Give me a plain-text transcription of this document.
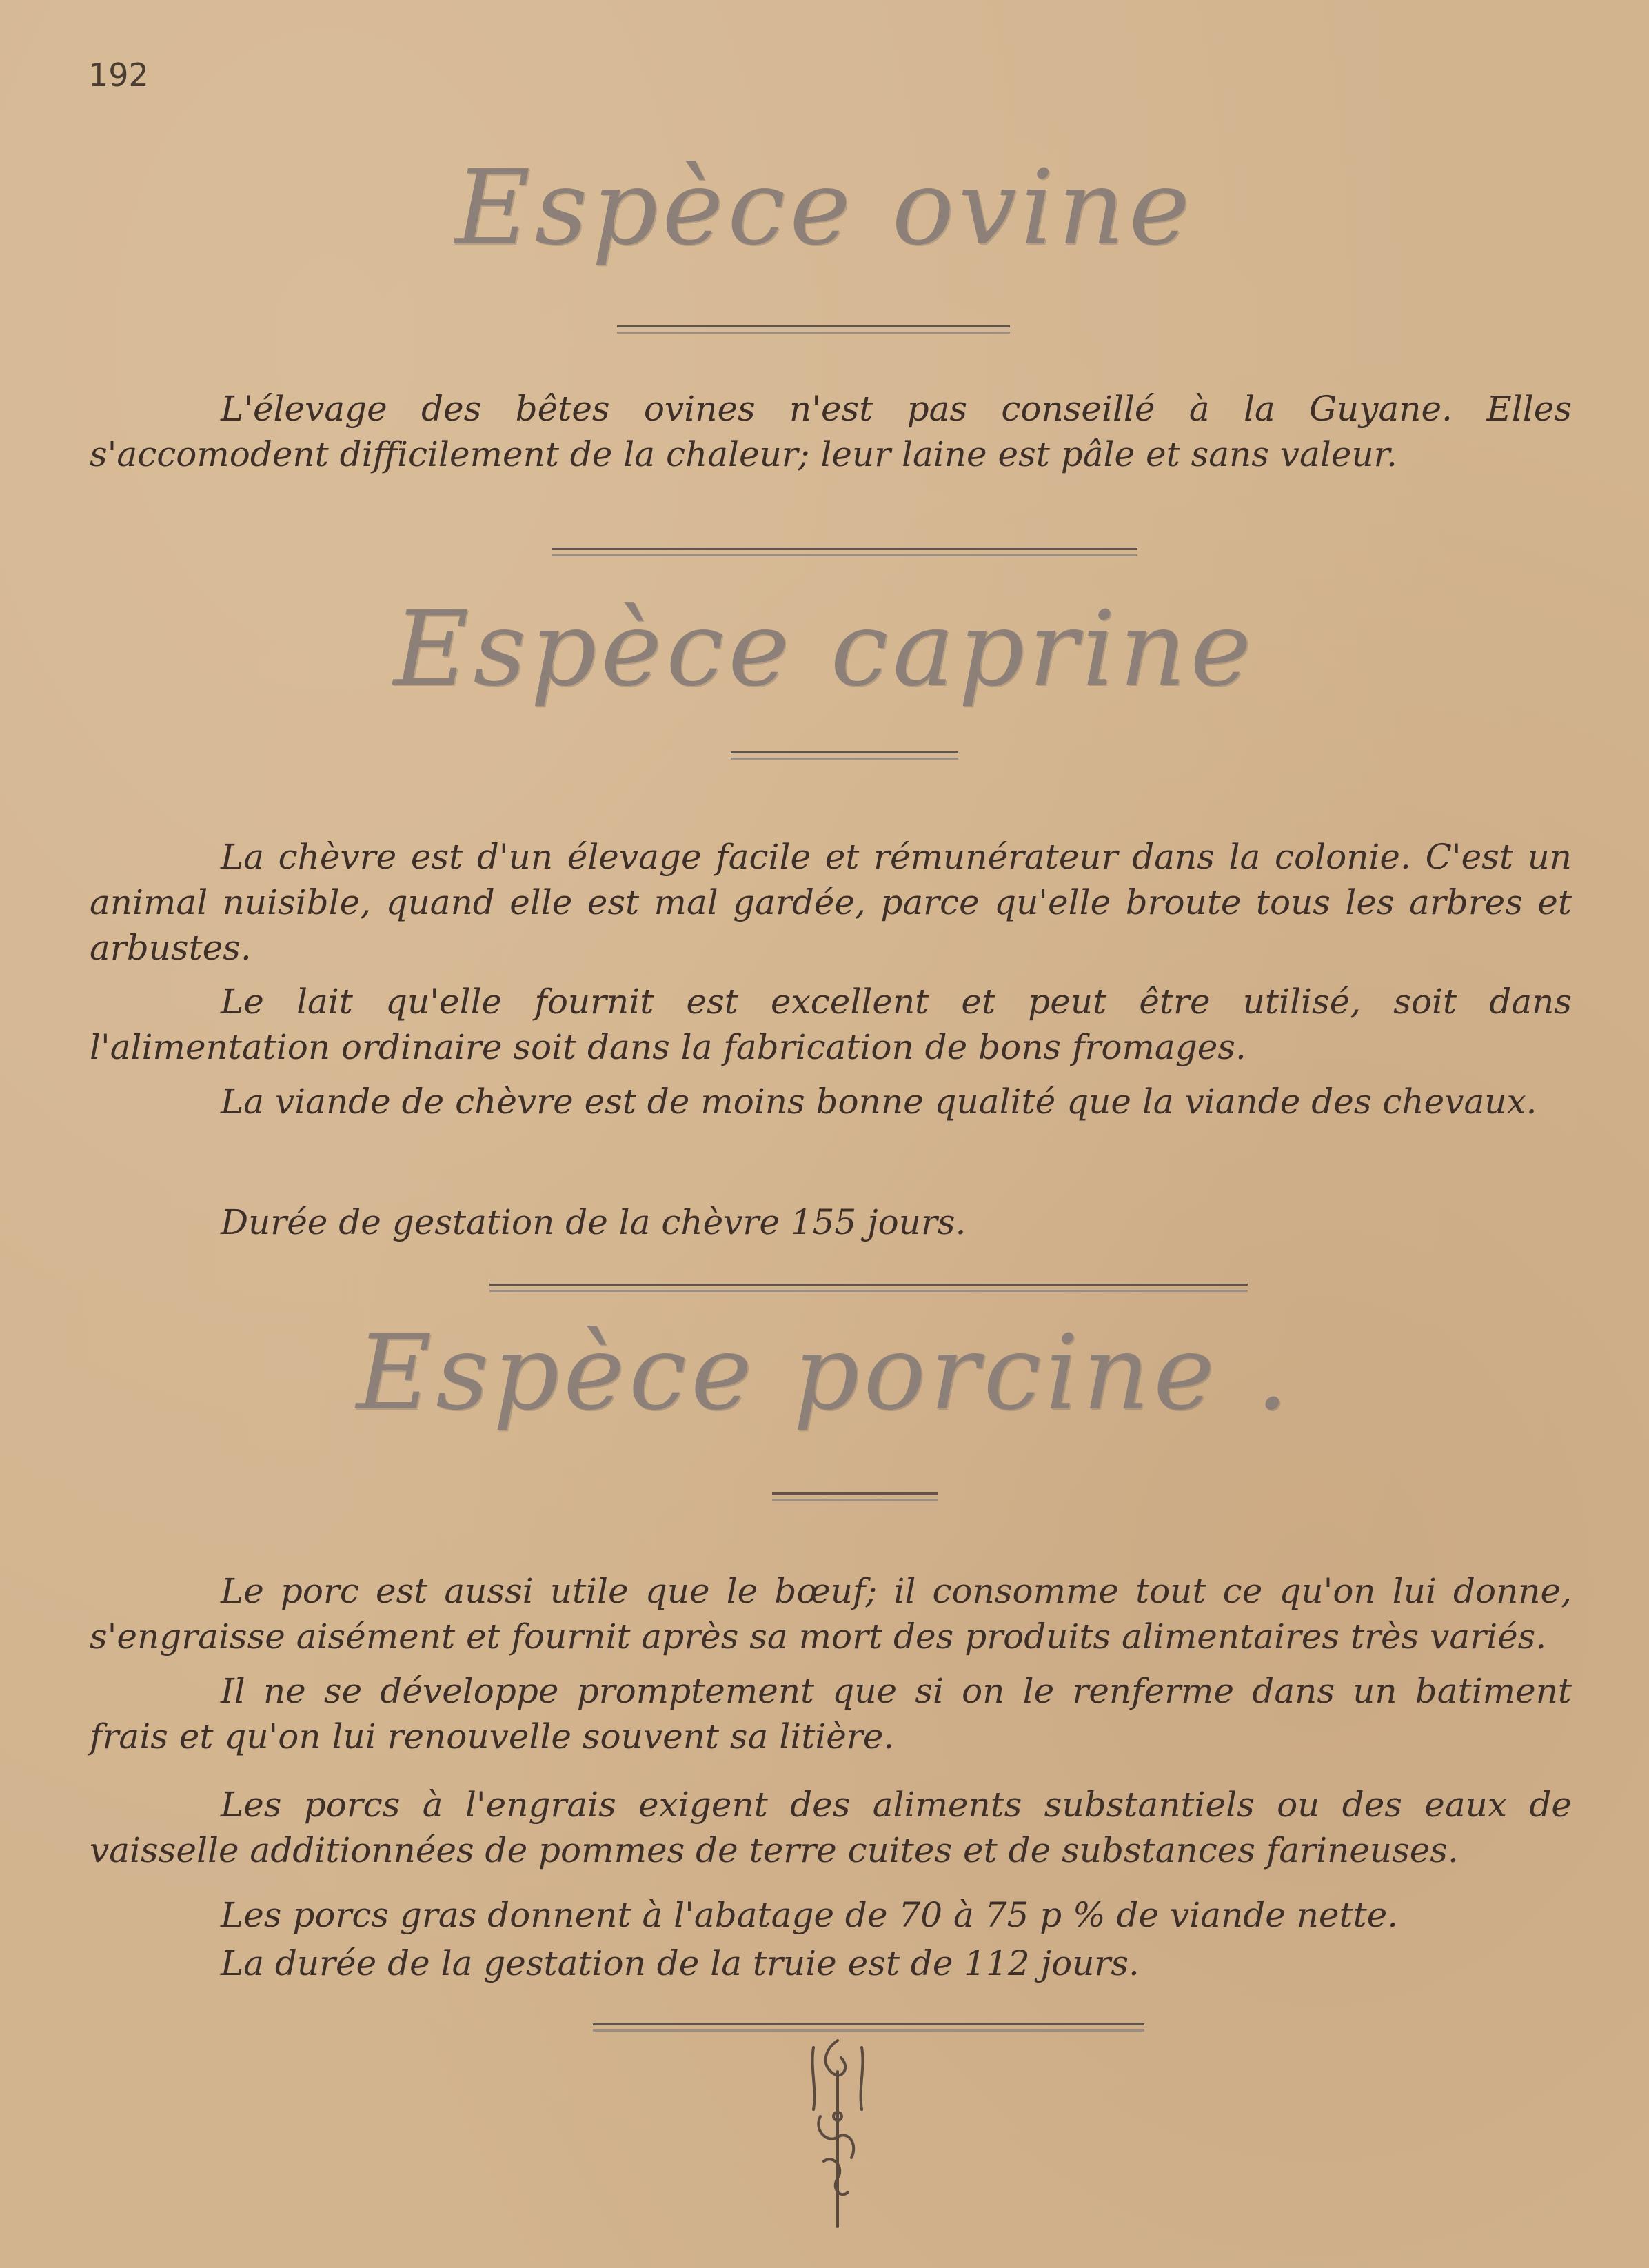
192
Espèce ovine
L'élevage des bêtes ovines n'est pas conseillé à la Guyane. Elles s'accomodent difficilement de la chaleur; leur laine est pâle et sans valeur.
Espèce caprine
La chèvre est d'un élevage facile et rémunérateur dans la colonie. C'est un animal nuisible, quand elle est mal gardée, parce qu'elle broute tous les arbres et arbustes.
Le lait qu'elle fournit est excellent et peut être utilisé, soit dans l'alimentation ordinaire soit dans la fabrication de bons fromages.
La viande de chèvre est de moins bonne qualité que la viande des chevaux.
Durée de gestation de la chèvre 155 jours.
Espèce porcine .
Le porc est aussi utile que le bœuf; il consomme tout ce qu'on lui donne, s'engraisse aisément et fournit après sa mort des produits alimentaires très variés.
Il ne se développe promptement que si on le renferme dans un batiment frais et qu'on lui renouvelle souvent sa litière.
Les porcs à l'engrais exigent des aliments substantiels ou des eaux de vaisselle additionnées de pommes de terre cuites et de substances farineuses.
Les porcs gras donnent à l'abatage de 70 à 75 p % de viande nette.
La durée de la gestation de la truie est de 112 jours.
